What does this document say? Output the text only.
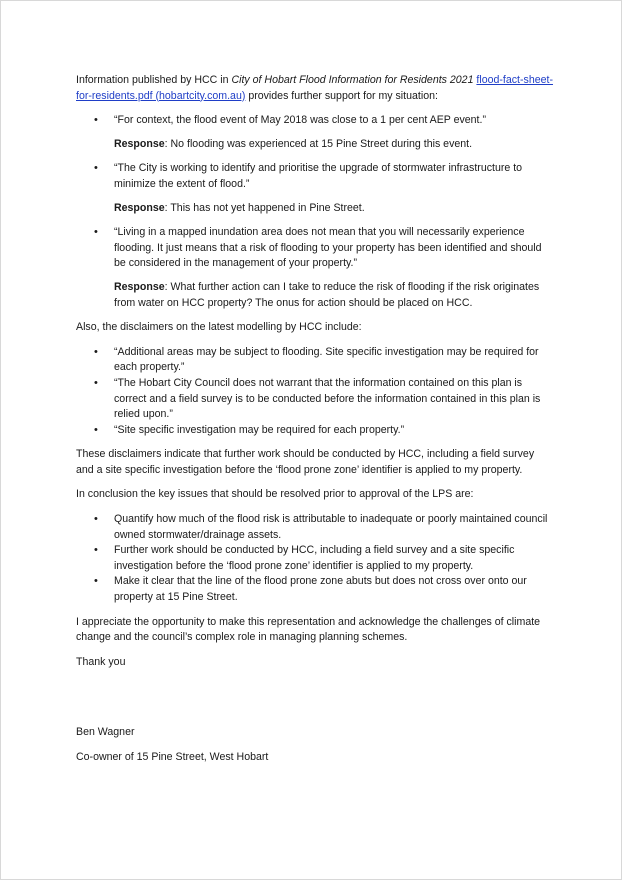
Information published by HCC in City of Hobart Flood Information for Residents 2021 flood-fact-sheet-for-residents.pdf (hobartcity.com.au) provides further support for my situation:

• “For context, the flood event of May 2018 was close to a 1 per cent AEP event.”

Response: No flooding was experienced at 15 Pine Street during this event.

• “The City is working to identify and prioritise the upgrade of stormwater infrastructure to minimize the extent of flood.”

Response: This has not yet happened in Pine Street.

• “Living in a mapped inundation area does not mean that you will necessarily experience flooding. It just means that a risk of flooding to your property has been identified and should be considered in the management of your property.”

Response: What further action can I take to reduce the risk of flooding if the risk originates from water on HCC property? The onus for action should be placed on HCC.

Also, the disclaimers on the latest modelling by HCC include:

• “Additional areas may be subject to flooding. Site specific investigation may be required for each property.”
• “The Hobart City Council does not warrant that the information contained on this plan is correct and a field survey is to be conducted before the information contained in this plan is relied upon.”
• “Site specific investigation may be required for each property.”

These disclaimers indicate that further work should be conducted by HCC, including a field survey and a site specific investigation before the ‘flood prone zone’ identifier is applied to my property.

In conclusion the key issues that should be resolved prior to approval of the LPS are:

• Quantify how much of the flood risk is attributable to inadequate or poorly maintained council owned stormwater/drainage assets.
• Further work should be conducted by HCC, including a field survey and a site specific investigation before the ‘flood prone zone’ identifier is applied to my property.
• Make it clear that the line of the flood prone zone abuts but does not cross over onto our property at 15 Pine Street.

I appreciate the opportunity to make this representation and acknowledge the challenges of climate change and the council’s complex role in managing planning schemes.

Thank you

Ben Wagner

Co-owner of 15 Pine Street, West Hobart
